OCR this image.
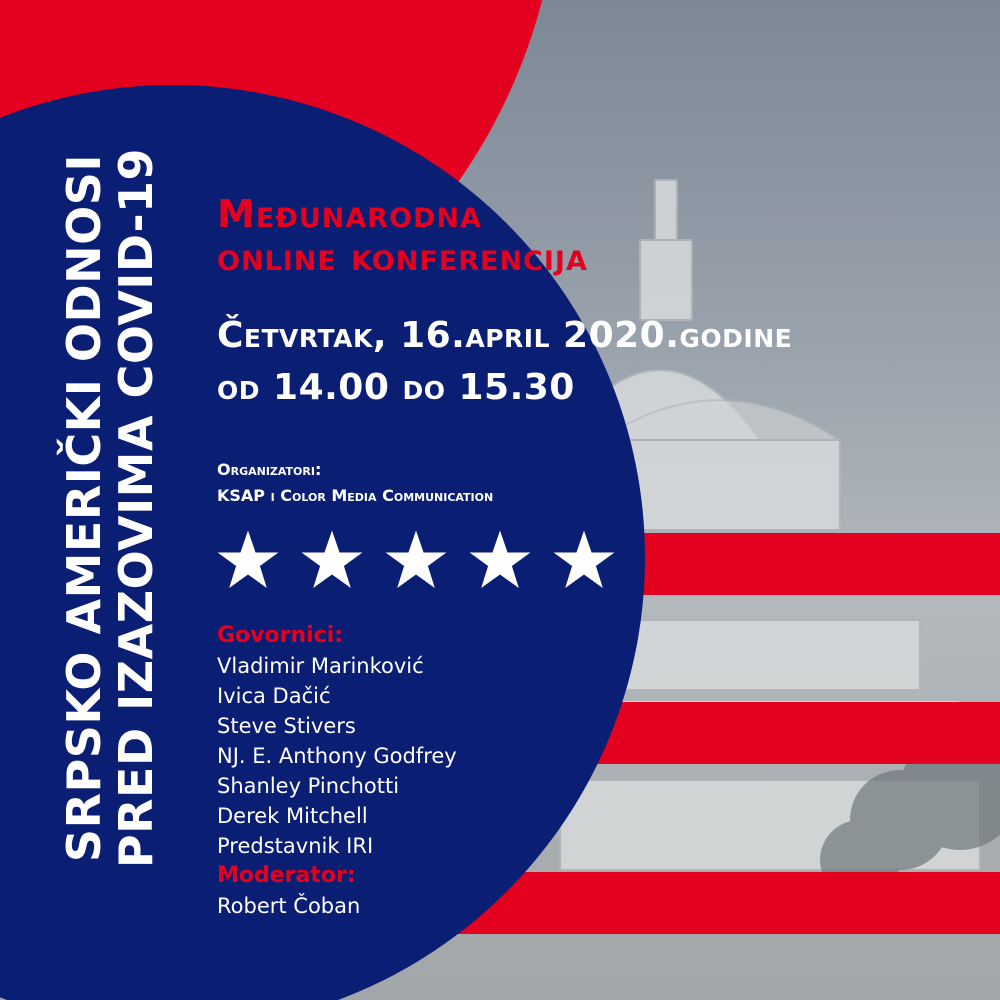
SRPSKO AMERIČKI ODNOSI
PRED IZAZOVIMA COVID-19 Međunarodna
online konferencija
Četvrtak, 16.april 2020.godine
od 14.00 do 15.30
Organizatori:
KSAP i Color Media Communication
Govornici:
Vladimir Marinković
Ivica Dačić
Steve Stivers
NJ. E. Anthony Godfrey
Shanley Pinchotti
Derek Mitchell
Predstavnik IRI
Moderator:
Robert Čoban
